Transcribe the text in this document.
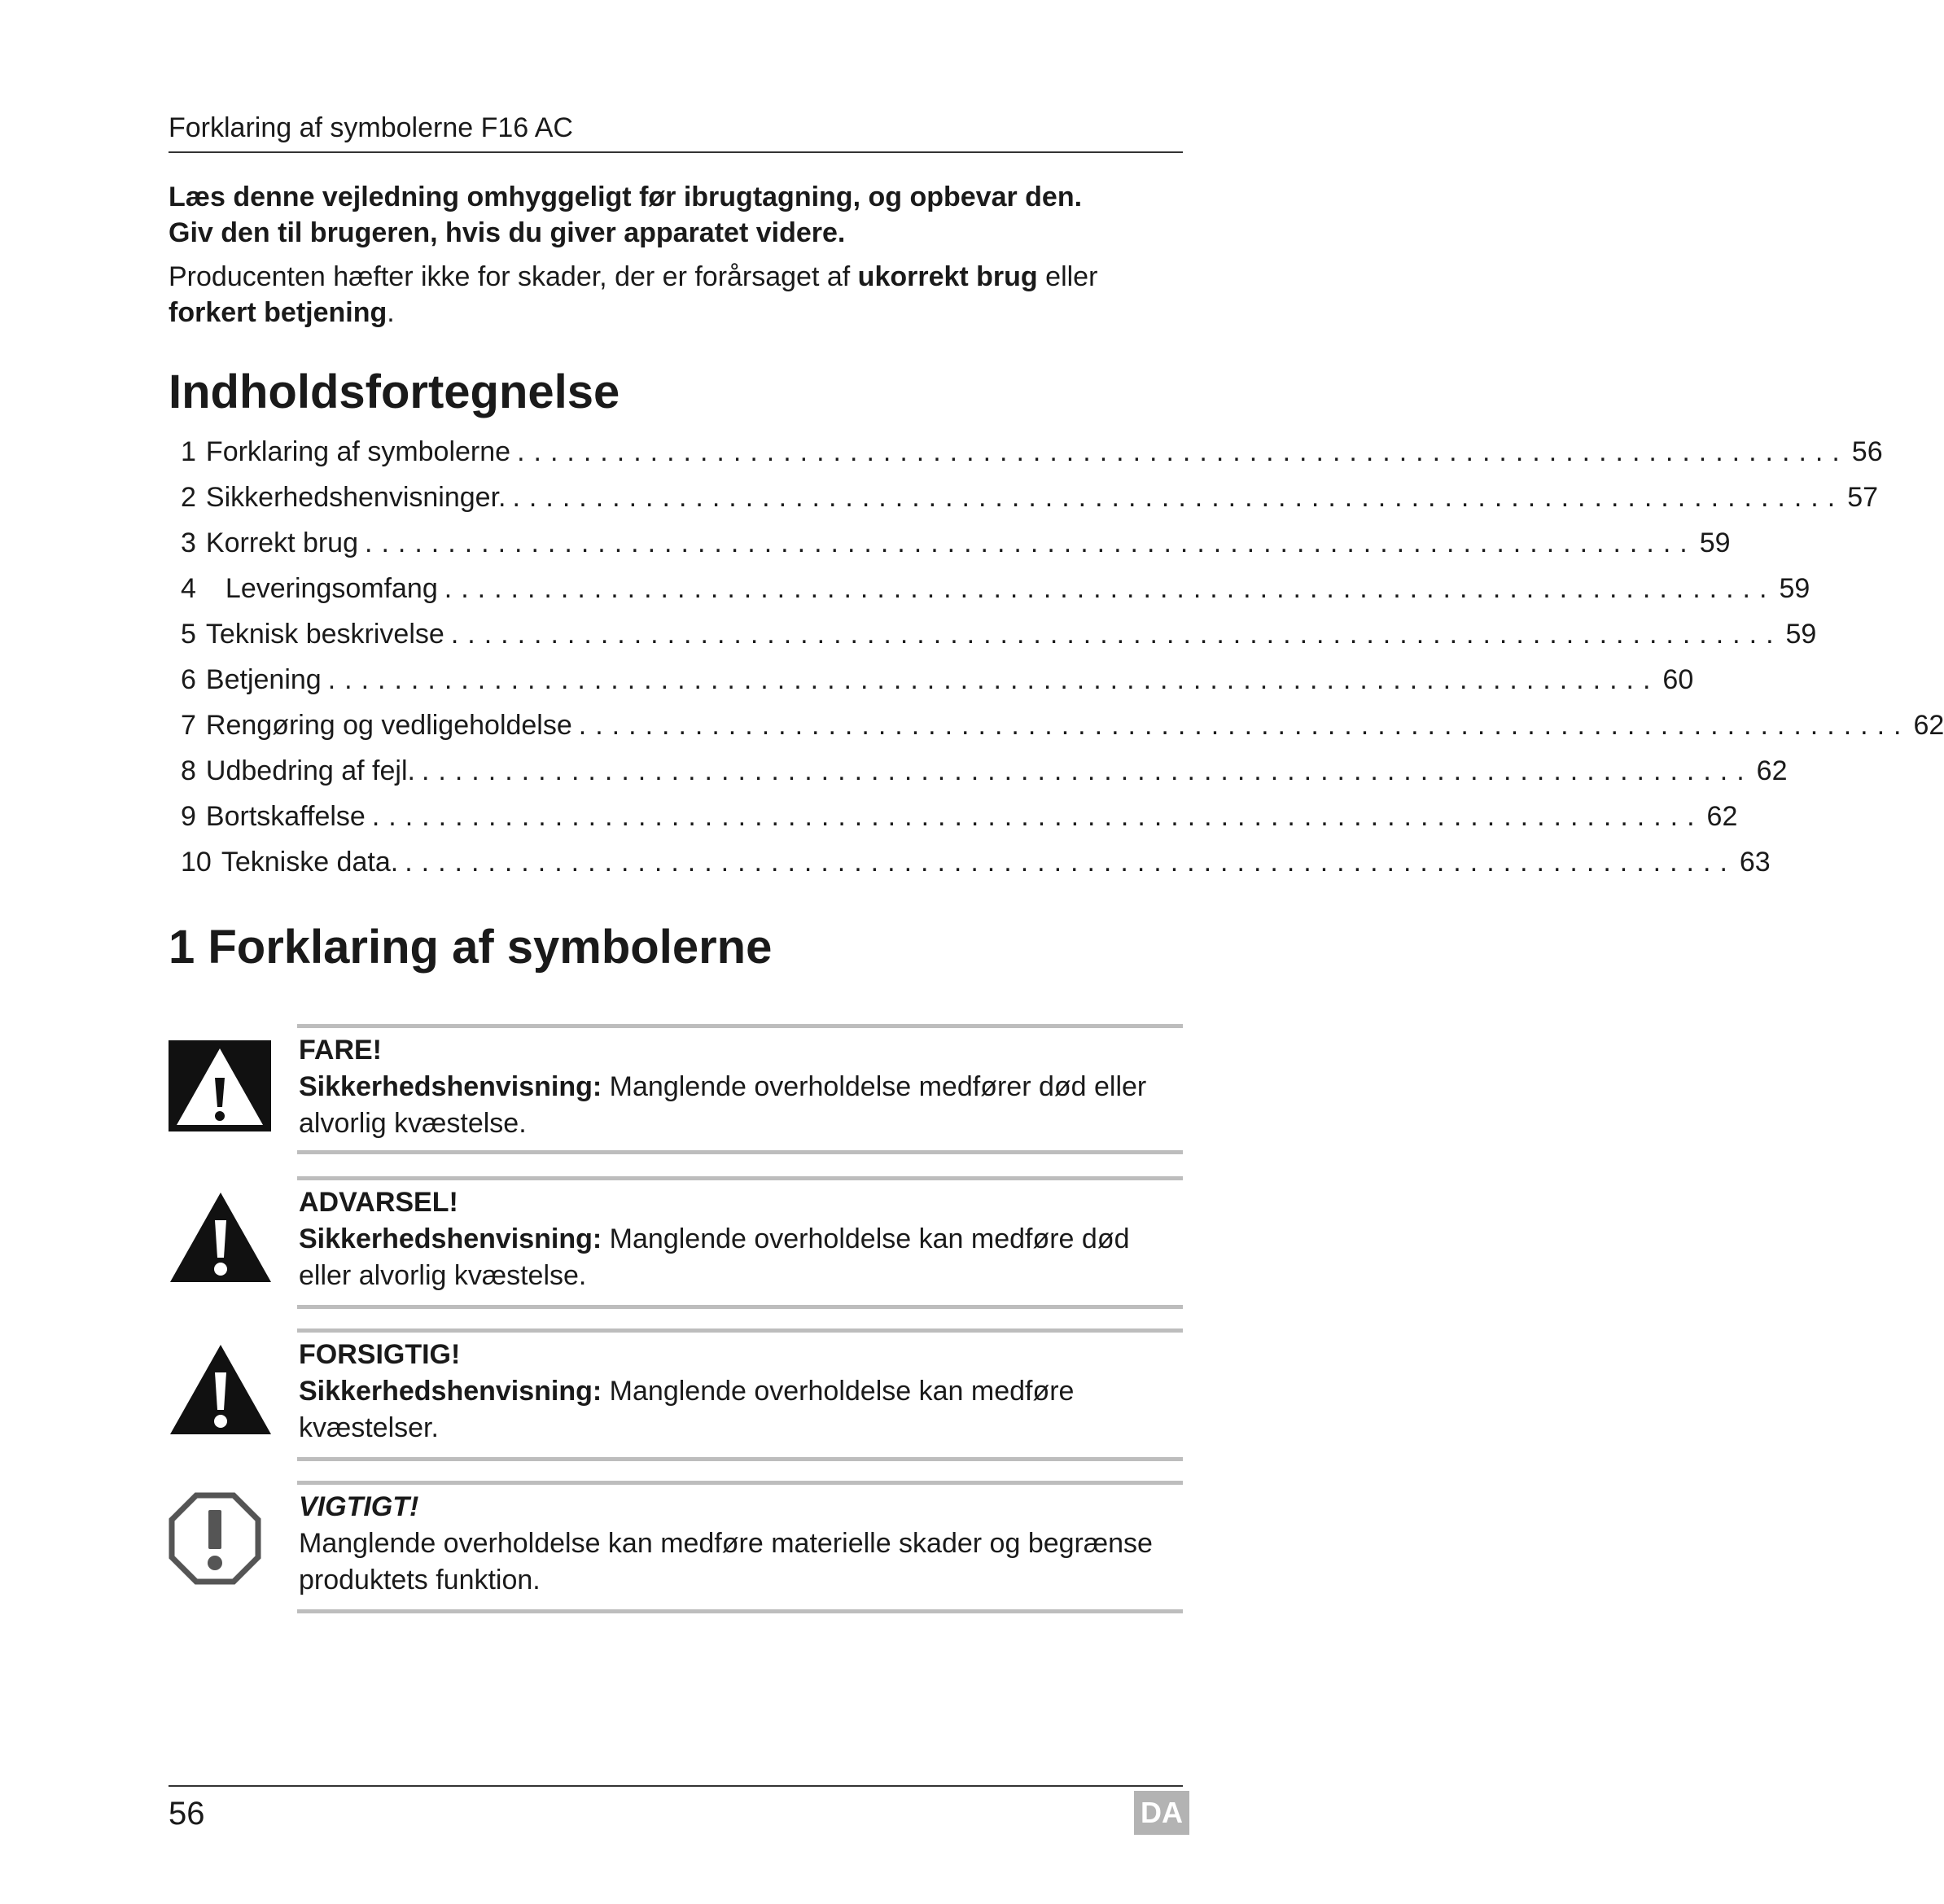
Forklaring af symbolerne F16 AC
Læs denne vejledning omhyggeligt før ibrugtagning, og opbevar den.
Giv den til brugeren, hvis du giver apparatet videre.
Producenten hæfter ikke for skader, der er forårsaget af ukorrekt brug eller forkert betjening.
Indholdsfortegnelse
1 Forklaring af symbolerne ................................................................................ 56
2 Sikkerhedshenvisninger. ................................................................................ 57
3 Korrekt brug ................................................................................ 59
4 Leveringsomfang ................................................................................ 59
5 Teknisk beskrivelse ................................................................................ 59
6 Betjening ................................................................................ 60
7 Rengøring og vedligeholdelse ................................................................................ 62
8 Udbedring af fejl. ................................................................................ 62
9 Bortskaffelse ................................................................................ 62
10 Tekniske data. ................................................................................ 63
1 Forklaring af symbolerne
FARE!
Sikkerhedshenvisning: Manglende overholdelse medfører død eller alvorlig kvæstelse.
ADVARSEL!
Sikkerhedshenvisning: Manglende overholdelse kan medføre død eller alvorlig kvæstelse.
FORSIGTIG!
Sikkerhedshenvisning: Manglende overholdelse kan medføre kvæstelser.
VIGTIGT!
Manglende overholdelse kan medføre materielle skader og begrænse produktets funktion.
56	DA
